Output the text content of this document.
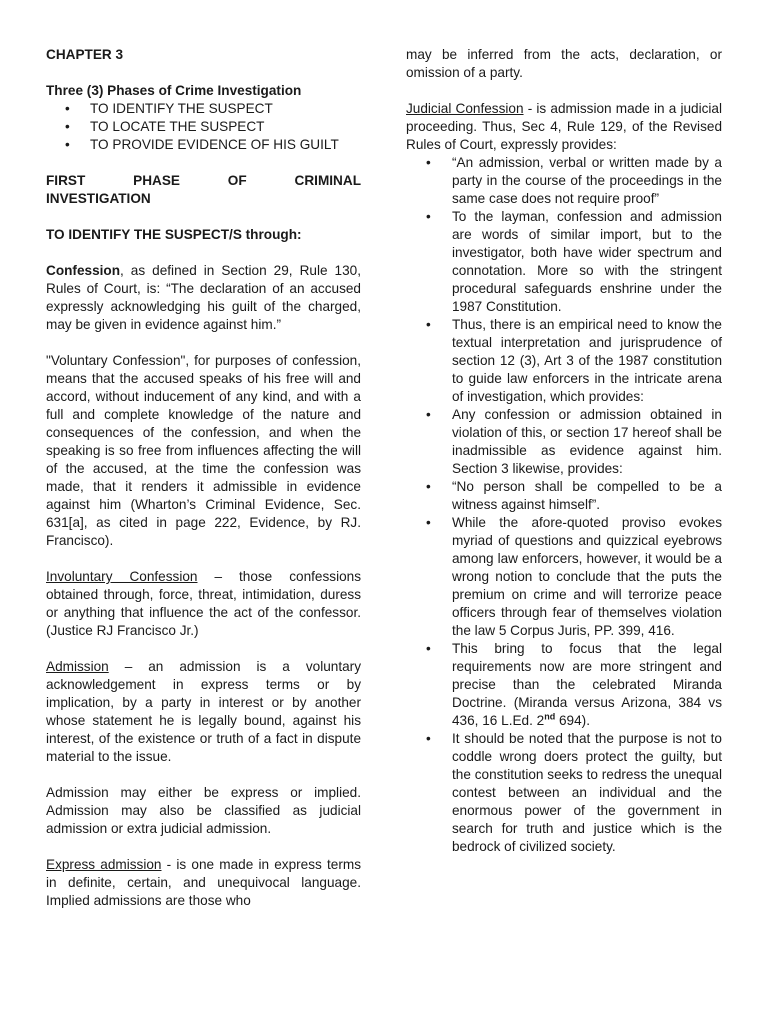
CHAPTER 3

Three (3) Phases of Crime Investigation

• TO IDENTIFY THE SUSPECT
• TO LOCATE THE SUSPECT
• TO PROVIDE EVIDENCE OF HIS GUILT

FIRST PHASE OF CRIMINAL INVESTIGATION

TO IDENTIFY THE SUSPECT/S through:

Confession, as defined in Section 29, Rule 130, Rules of Court, is: “The declaration of an accused expressly acknowledging his guilt of the charged, may be given in evidence against him.”

"Voluntary Confession", for purposes of confession, means that the accused speaks of his free will and accord, without inducement of any kind, and with a full and complete knowledge of the nature and consequences of the confession, and when the speaking is so free from influences affecting the will of the accused, at the time the confession was made, that it renders it admissible in evidence against him (Wharton’s Criminal Evidence, Sec. 631[a], as cited in page 222, Evidence, by RJ. Francisco).

Involuntary Confession – those confessions obtained through, force, threat, intimidation, duress or anything that influence the act of the confessor. (Justice RJ Francisco Jr.)

Admission – an admission is a voluntary acknowledgement in express terms or by implication, by a party in interest or by another whose statement he is legally bound, against his interest, of the existence or truth of a fact in dispute material to the issue.

Admission may either be express or implied. Admission may also be classified as judicial admission or extra judicial admission.

Express admission - is one made in express terms in definite, certain, and unequivocal language. Implied admissions are those who

may be inferred from the acts, declaration, or omission of a party.

Judicial Confession - is admission made in a judicial proceeding. Thus, Sec 4, Rule 129, of the Revised Rules of Court, expressly provides:

• “An admission, verbal or written made by a party in the course of the proceedings in the same case does not require proof”
• To the layman, confession and admission are words of similar import, but to the investigator, both have wider spectrum and connotation. More so with the stringent procedural safeguards enshrine under the 1987 Constitution.
• Thus, there is an empirical need to know the textual interpretation and jurisprudence of section 12 (3), Art 3 of the 1987 constitution to guide law enforcers in the intricate arena of investigation, which provides:
• Any confession or admission obtained in violation of this, or section 17 hereof shall be inadmissible as evidence against him. Section 3 likewise, provides:
• “No person shall be compelled to be a witness against himself”.
• While the afore-quoted proviso evokes myriad of questions and quizzical eyebrows among law enforcers, however, it would be a wrong notion to conclude that the puts the premium on crime and will terrorize peace officers through fear of themselves violation the law 5 Corpus Juris, PP. 399, 416.
• This bring to focus that the legal requirements now are more stringent and precise than the celebrated Miranda Doctrine. (Miranda versus Arizona, 384 vs 436, 16 L.Ed. 2nd 694).
• It should be noted that the purpose is not to coddle wrong doers protect the guilty, but the constitution seeks to redress the unequal contest between an individual and the enormous power of the government in search for truth and justice which is the bedrock of civilized society.
